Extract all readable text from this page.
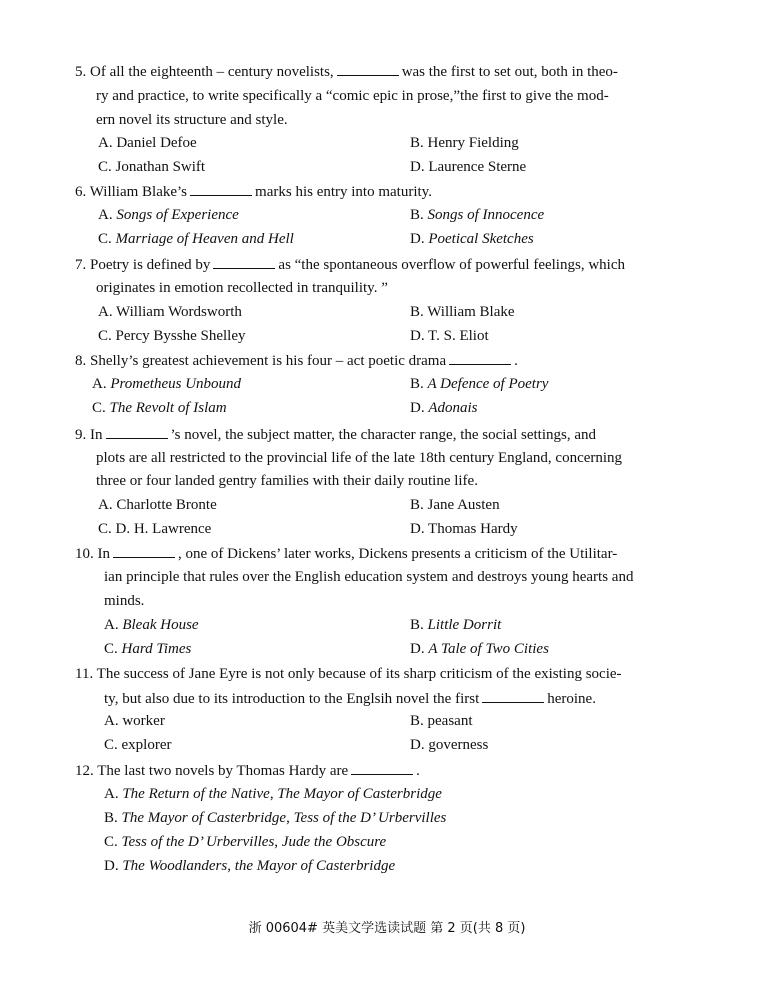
5. Of all the eighteenth – century novelists,	was the first to set out, both in theo-
ry and practice, to write specifically a “comic epic in prose,”the first to give the mod-
ern novel its structure and style.
A. Daniel Defoe	B. Henry Fielding
C. Jonathan Swift	D. Laurence Sterne
6. William Blake’s	marks his entry into maturity.
A. Songs of Experience	B. Songs of Innocence
C. Marriage of Heaven and Hell	D. Poetical Sketches
7. Poetry is defined by	as “the spontaneous overflow of powerful feelings, which
originates in emotion recollected in tranquility. ”
A. William Wordsworth	B. William Blake
C. Percy Bysshe Shelley	D. T. S. Eliot
8. Shelly’s greatest achievement is his four – act poetic drama	.
A. Prometheus Unbound	B. A Defence of Poetry
C. The Revolt of Islam	D. Adonais
9. In	’s novel, the subject matter, the character range, the social settings, and
plots are all restricted to the provincial life of the late 18th century England, concerning
three or four landed gentry families with their daily routine life.
A. Charlotte Bronte	B. Jane Austen
C. D. H. Lawrence	D. Thomas Hardy
10. In	, one of Dickens’ later works, Dickens presents a criticism of the Utilitar-
ian principle that rules over the English education system and destroys young hearts and
minds.
A. Bleak House	B. Little Dorrit
C. Hard Times	D. A Tale of Two Cities
11. The success of Jane Eyre is not only because of its sharp criticism of the existing socie-
ty, but also due to its introduction to the Englsih novel the first	heroine.
A. worker	B. peasant
C. explorer	D. governess
12. The last two novels by Thomas Hardy are	.
A. The Return of the Native, The Mayor of Casterbridge
B. The Mayor of Casterbridge, Tess of the D’ Urbervilles
C. Tess of the D’ Urbervilles, Jude the Obscure
D. The Woodlanders, the Mayor of Casterbridge
浙 00604# 英美文学选读试题 第 2 页(共 8 页)
